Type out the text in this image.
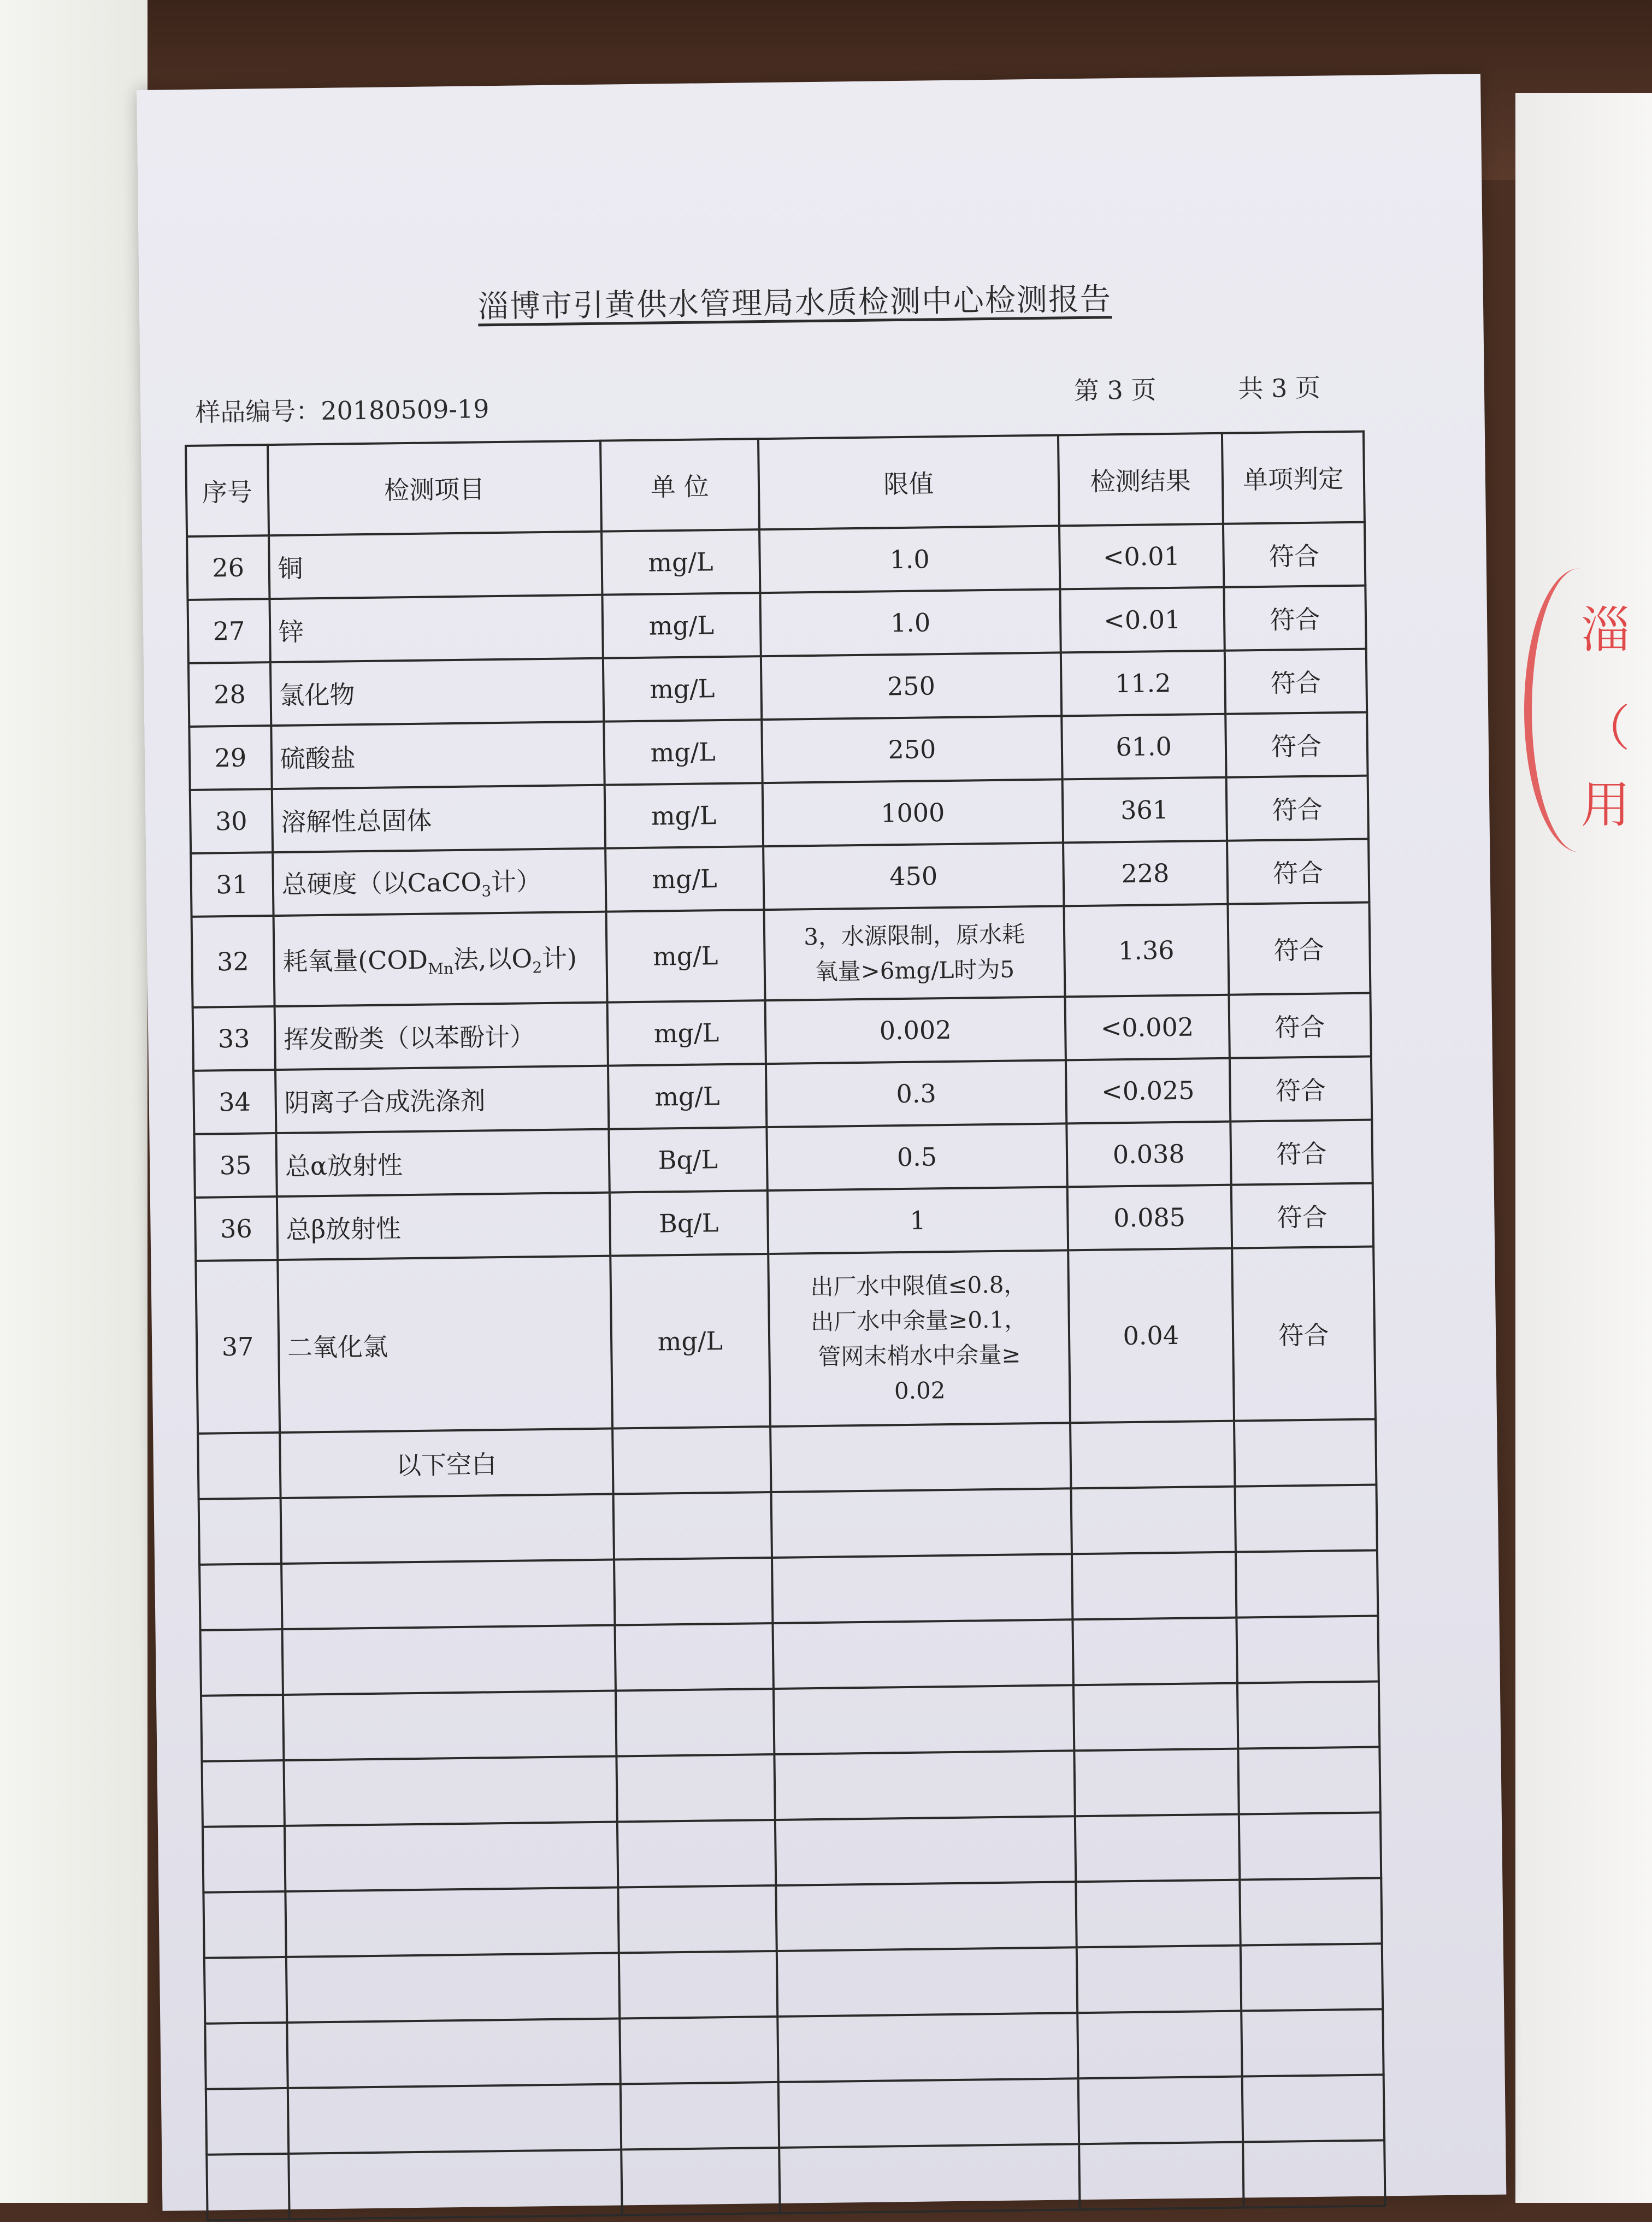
淄
（
用
淄博市引黄供水管理局水质检测中心检测报告
样品编号：20180509-19
第 3 页	共 3 页
序号	检测项目	单 位	限值	检测结果	单项判定
26	铜	mg/L	1.0	<0.01	符合
27	锌	mg/L	1.0	<0.01	符合
28	氯化物	mg/L	250	11.2	符合
29	硫酸盐	mg/L	250	61.0	符合
30	溶解性总固体	mg/L	1000	361	符合
31	总硬度（以CaCO$_3$计）	mg/L	450	228	符合
32	耗氧量($COD_{Mn}$法,以$O_2$计)	mg/L	3，水源限制，原水耗
氧量>6mg/L时为5	1.36	符合
33	挥发酚类（以苯酚计）	mg/L	0.002	<0.002	符合
34	阴离子合成洗涤剂	mg/L	0.3	<0.025	符合
35	总α放射性	Bq/L	0.5	0.038	符合
36	总β放射性	Bq/L	1	0.085	符合
37	二氧化氯	mg/L	出厂水中限值≤0.8，
出厂水中余量≥0.1，
管网末梢水中余量≥
0.02	0.04	符合
	以下空白				
